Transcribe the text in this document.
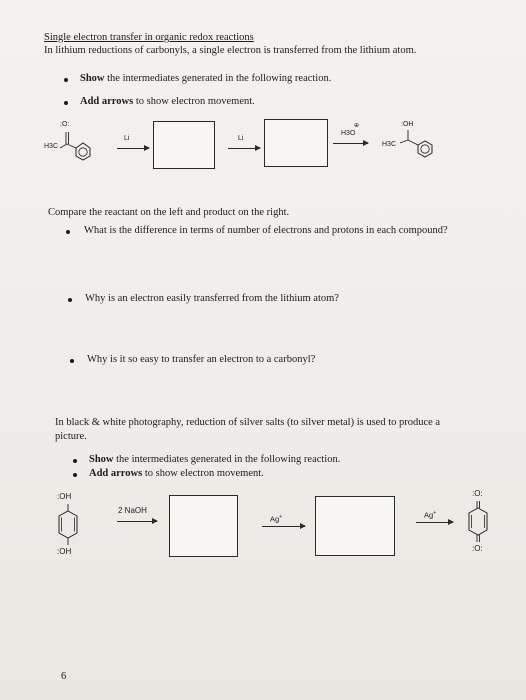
Single electron transfer in organic redox reactions
In lithium reductions of carbonyls, a single electron is transferred from the lithium atom.
Show the intermediates generated in the following reaction.
Add arrows to show electron movement.
:O:
H3C
Li	Li
⊕
H3O
:OH
H3C
Compare the reactant on the left and product on the right.
What is the difference in terms of number of electrons and protons in each compound?
Why is an electron easily transferred from the lithium atom?
Why is it so easy to transfer an electron to a carbonyl?
In black & white photography, reduction of silver salts (to silver metal) is used to produce a
picture.
Show the intermediates generated in the following reaction.
Add arrows to show electron movement.
:OH
:OH
2 NaOH
Ag+	Ag+
:O:
:O:
6
